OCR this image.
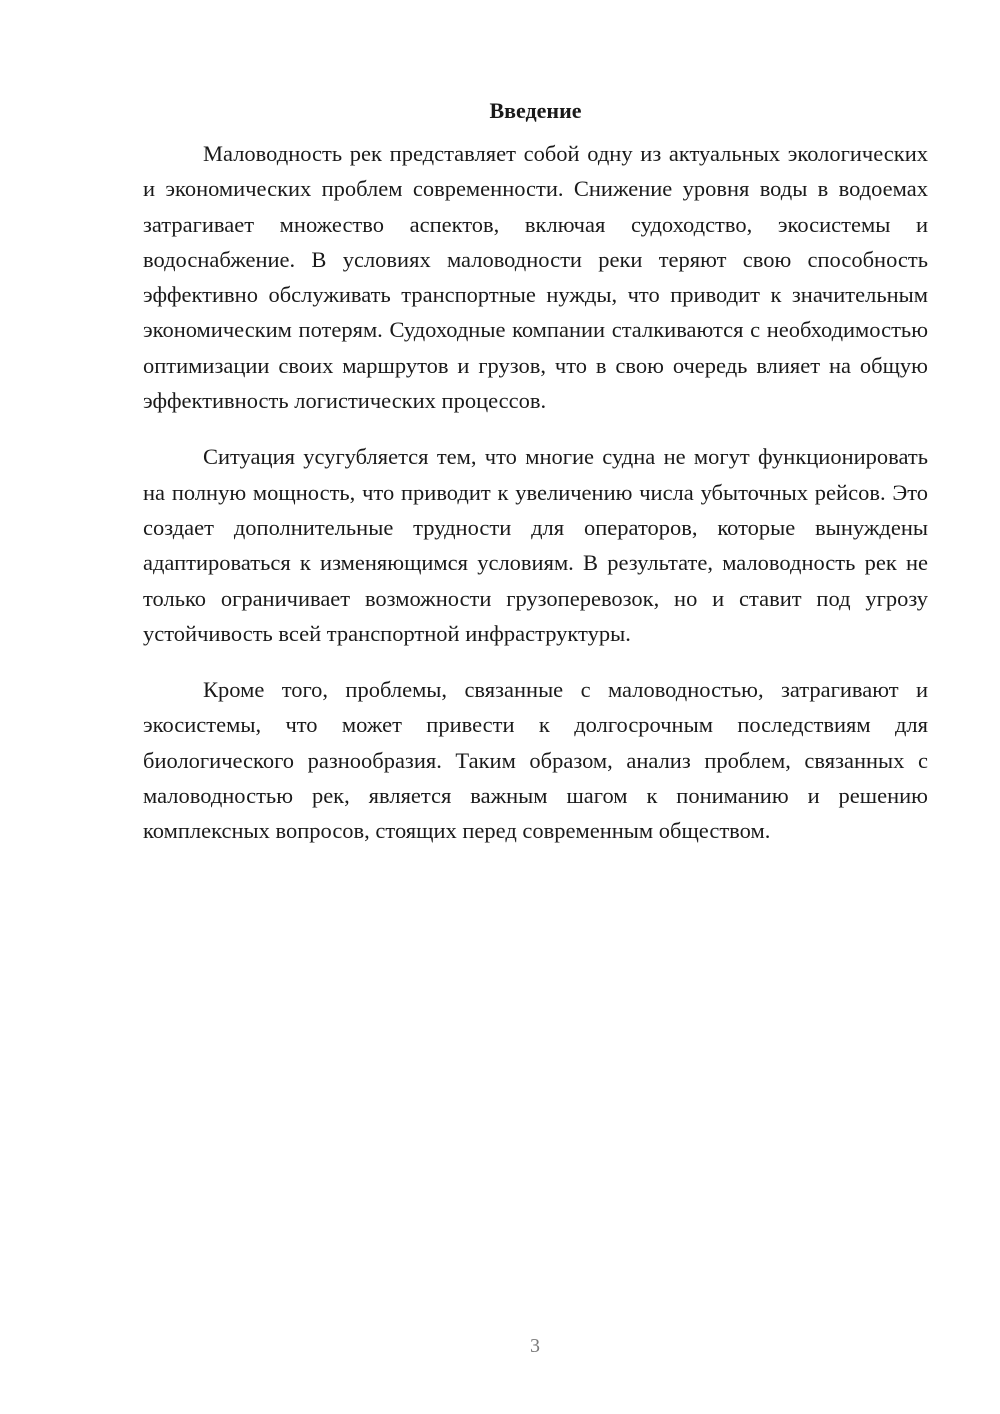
Введение

Маловодность рек представляет собой одну из актуальных экологических и экономических проблем современности. Снижение уровня воды в водоемах затрагивает множество аспектов, включая судоходство, экосистемы и водоснабжение. В условиях маловодности реки теряют свою способность эффективно обслуживать транспортные нужды, что приводит к значительным экономическим потерям. Судоходные компании сталкиваются с необходимостью оптимизации своих маршрутов и грузов, что в свою очередь влияет на общую эффективность логистических процессов.

Ситуация усугубляется тем, что многие судна не могут функционировать на полную мощность, что приводит к увеличению числа убыточных рейсов. Это создает дополнительные трудности для операторов, которые вынуждены адаптироваться к изменяющимся условиям. В результате, маловодность рек не только ограничивает возможности грузоперевозок, но и ставит под угрозу устойчивость всей транспортной инфраструктуры.

Кроме того, проблемы, связанные с маловодностью, затрагивают и экосистемы, что может привести к долгосрочным последствиям для биологического разнообразия. Таким образом, анализ проблем, связанных с маловодностью рек, является важным шагом к пониманию и решению комплексных вопросов, стоящих перед современным обществом.

3
